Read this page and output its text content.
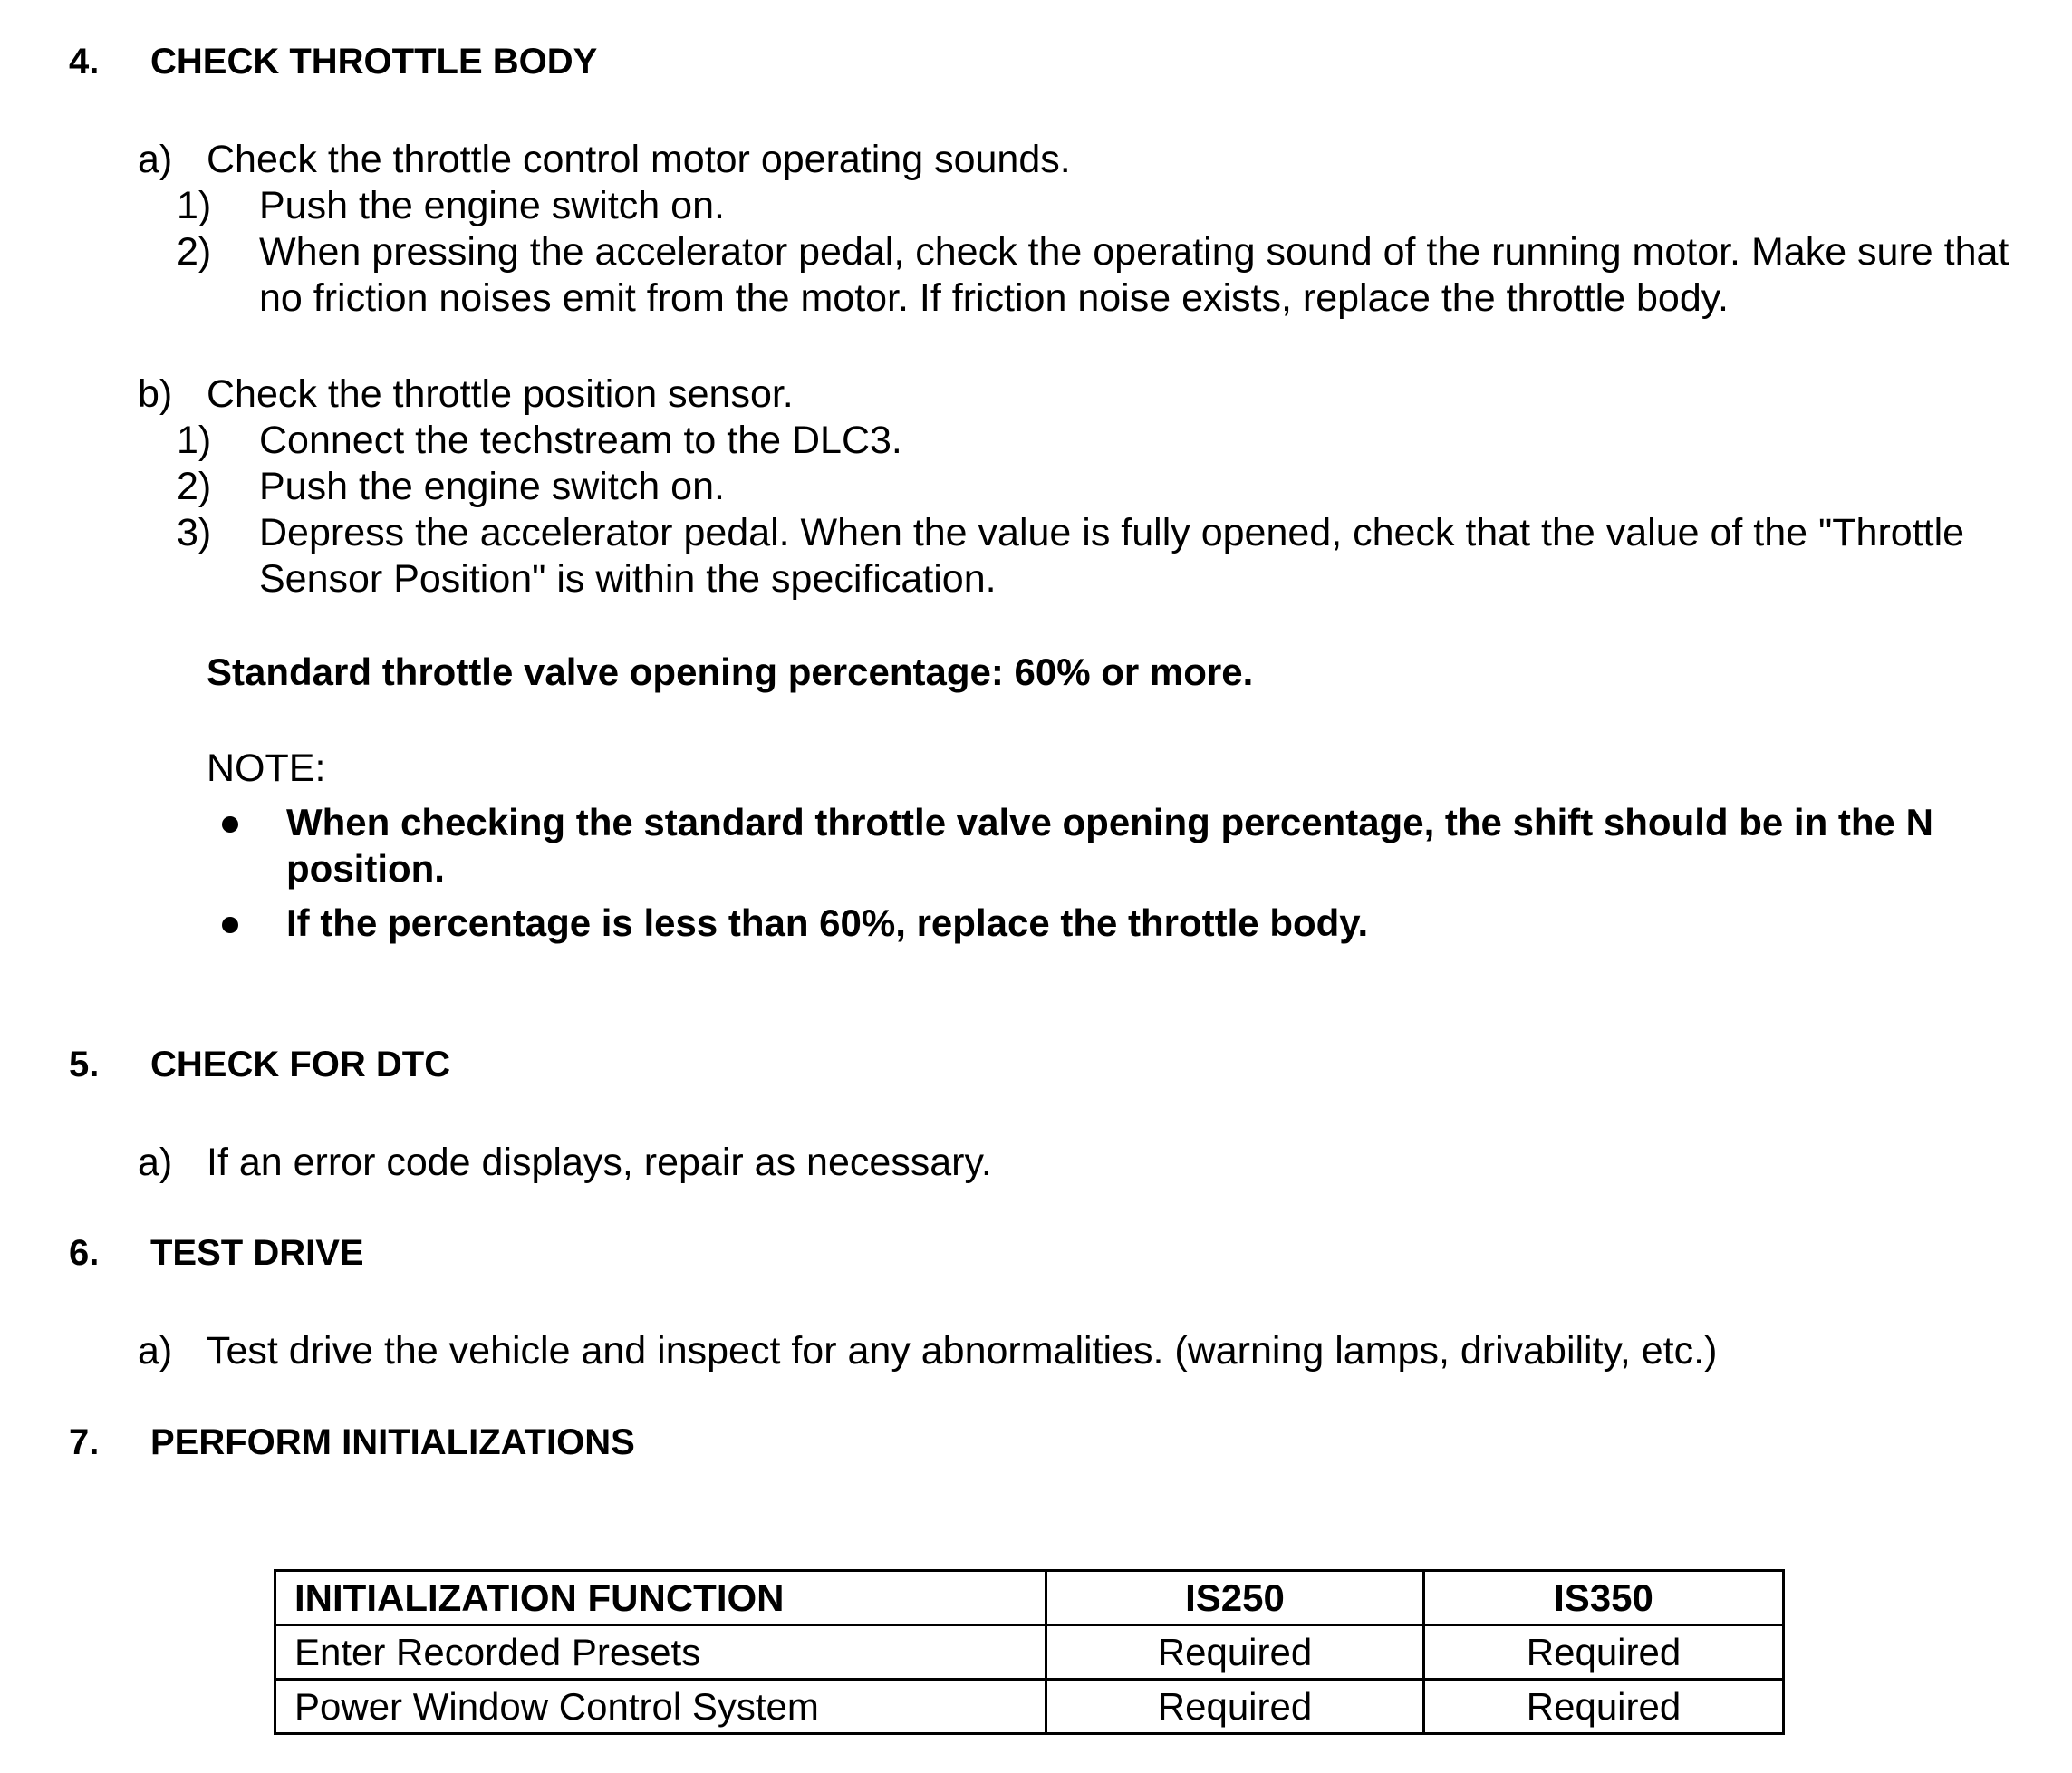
4. CHECK THROTTLE BODY
a) Check the throttle control motor operating sounds.
1) Push the engine switch on.
2) When pressing the accelerator pedal, check the operating sound of the running motor. Make sure that
no friction noises emit from the motor. If friction noise exists, replace the throttle body.
b) Check the throttle position sensor.
1) Connect the techstream to the DLC3.
2) Push the engine switch on.
3) Depress the accelerator pedal. When the value is fully opened, check that the value of the "Throttle
Sensor Position" is within the specification.
Standard throttle valve opening percentage: 60% or more.
NOTE:
When checking the standard throttle valve opening percentage, the shift should be in the N
position.
If the percentage is less than 60%, replace the throttle body.
5. CHECK FOR DTC
a) If an error code displays, repair as necessary.
6. TEST DRIVE
a) Test drive the vehicle and inspect for any abnormalities. (warning lamps, drivability, etc.)
7. PERFORM INITIALIZATIONS
INITIALIZATION FUNCTION	IS250	IS350
Enter Recorded Presets	Required	Required
Power Window Control System	Required	Required
